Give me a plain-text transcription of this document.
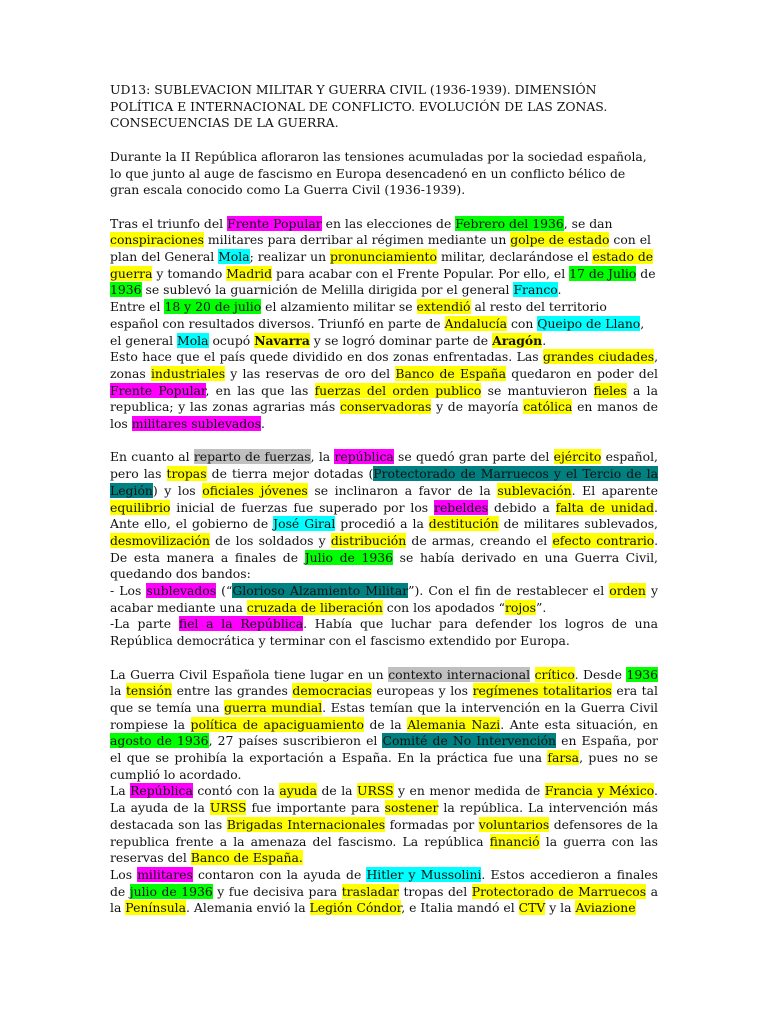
UD13: SUBLEVACION MILITAR Y GUERRA CIVIL (1936-1939). DIMENSIÓN POLÍTICA E INTERNACIONAL DE CONFLICTO. EVOLUCIÓN DE LAS ZONAS. CONSECUENCIAS DE LA GUERRA.

Durante la II República afloraron las tensiones acumuladas por la sociedad española, lo que junto al auge de fascismo en Europa desencadenó en un conflicto bélico de gran escala conocido como La Guerra Civil (1936-1939).

Tras el triunfo del Frente Popular en las elecciones de Febrero del 1936, se dan conspiraciones militares para derribar al régimen mediante un golpe de estado con el plan del General Mola; realizar un pronunciamiento militar, declarándose el estado de guerra y tomando Madrid para acabar con el Frente Popular. Por ello, el 17 de Julio de 1936 se sublevó la guarnición de Melilla dirigida por el general Franco.

Entre el 18 y 20 de julio el alzamiento militar se extendió al resto del territorio español con resultados diversos. Triunfó en parte de Andalucía con Queipo de Llano, el general Mola ocupó Navarra y se logró dominar parte de Aragón.

Esto hace que el país quede dividido en dos zonas enfrentadas. Las grandes ciudades, zonas industriales y las reservas de oro del Banco de España quedaron en poder del Frente Popular, en las que las fuerzas del orden publico se mantuvieron fieles a la republica; y las zonas agrarias más conservadoras y de mayoría católica en manos de los militares sublevados.

En cuanto al reparto de fuerzas, la república se quedó gran parte del ejército español, pero las tropas de tierra mejor dotadas (Protectorado de Marruecos y el Tercio de la Legión) y los oficiales jóvenes se inclinaron a favor de la sublevación. El aparente equilibrio inicial de fuerzas fue superado por los rebeldes debido a falta de unidad. Ante ello, el gobierno de José Giral procedió a la destitución de militares sublevados, desmovilización de los soldados y distribución de armas, creando el efecto contrario. De esta manera a finales de Julio de 1936 se había derivado en una Guerra Civil, quedando dos bandos:

- Los sublevados (“Glorioso Alzamiento Militar”). Con el fin de restablecer el orden y acabar mediante una cruzada de liberación con los apodados “rojos”.

-La parte fiel a la República. Había que luchar para defender los logros de una República democrática y terminar con el fascismo extendido por Europa.

La Guerra Civil Española tiene lugar en un contexto internacional crítico. Desde 1936 la tensión entre las grandes democracias europeas y los regímenes totalitarios era tal que se temía una guerra mundial. Estas temían que la intervención en la Guerra Civil rompiese la política de apaciguamiento de la Alemania Nazi. Ante esta situación, en agosto de 1936, 27 países suscribieron el Comité de No Intervención en España, por el que se prohibía la exportación a España. En la práctica fue una farsa, pues no se cumplió lo acordado.

La República contó con la ayuda de la URSS y en menor medida de Francia y México. La ayuda de la URSS fue importante para sostener la república. La intervención más destacada son las Brigadas Internacionales formadas por voluntarios defensores de la republica frente a la amenaza del fascismo. La república financió la guerra con las reservas del Banco de España.

Los militares contaron con la ayuda de Hitler y Mussolini. Estos accedieron a finales de julio de 1936 y fue decisiva para trasladar tropas del Protectorado de Marruecos a la Península. Alemania envió la Legión Cóndor, e Italia mandó el CTV y la Aviazione
